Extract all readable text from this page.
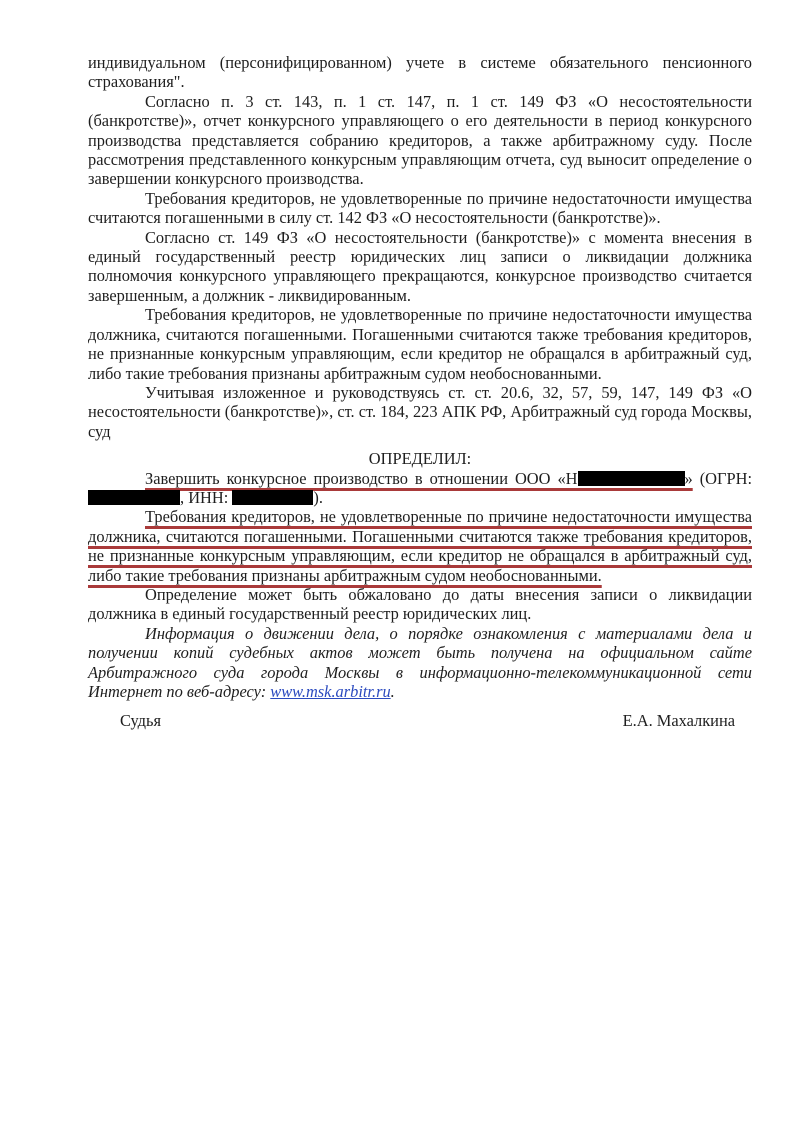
индивидуальном (персонифицированном) учете в системе обязательного пенсионного страхования".

Согласно п. 3 ст. 143, п. 1 ст. 147, п. 1 ст. 149 ФЗ «О несостоятельности (банкротстве)», отчет конкурсного управляющего о его деятельности в период конкурсного производства представляется собранию кредиторов, а также арбитражному суду. После рассмотрения представленного конкурсным управляющим отчета, суд выносит определение о завершении конкурсного производства.

Требования кредиторов, не удовлетворенные по причине недостаточности имущества считаются погашенными в силу ст. 142 ФЗ «О несостоятельности (банкротстве)».

Согласно ст. 149 ФЗ «О несостоятельности (банкротстве)» с момента внесения в единый государственный реестр юридических лиц записи о ликвидации должника полномочия конкурсного управляющего прекращаются, конкурсное производство считается завершенным, а должник - ликвидированным.

Требования кредиторов, не удовлетворенные по причине недостаточности имущества должника, считаются погашенными. Погашенными считаются также требования кредиторов, не признанные конкурсным управляющим, если кредитор не обращался в арбитражный суд, либо такие требования признаны арбитражным судом необоснованными.

Учитывая изложенное и руководствуясь ст. ст. 20.6, 32, 57, 59, 147, 149 ФЗ «О несостоятельности (банкротстве)», ст. ст. 184, 223 АПК РФ, Арбитражный суд города Москвы, суд

ОПРЕДЕЛИЛ:

Завершить конкурсное производство в отношении ООО «Н	» (ОГРН: , ИНН:	).

Требования кредиторов, не удовлетворенные по причине недостаточности имущества должника, считаются погашенными. Погашенными считаются также требования кредиторов, не признанные конкурсным управляющим, если кредитор не обращался в арбитражный суд, либо такие требования признаны арбитражным судом необоснованными.

Определение может быть обжаловано до даты внесения записи о ликвидации должника в единый государственный реестр юридических лиц.

Информация о движении дела, о порядке ознакомления с материалами дела и получении копий судебных актов может быть получена на официальном сайте Арбитражного суда города Москвы в информационно-телекоммуникационной сети Интернет по веб-адресу: www.msk.arbitr.ru.

Судья	Е.А. Махалкина
